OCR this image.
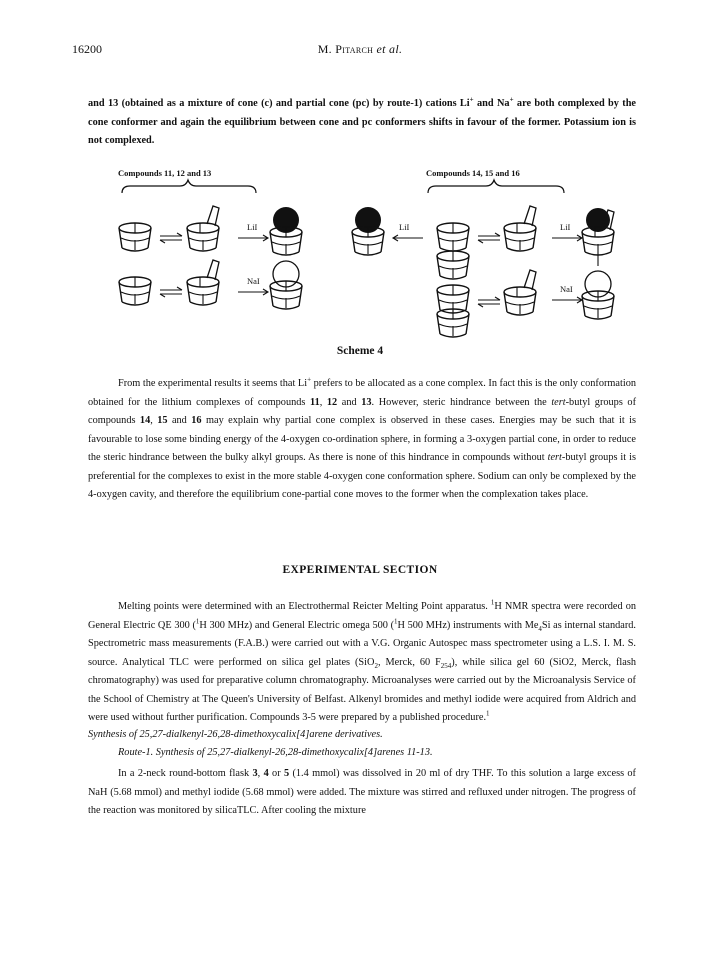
16200	M. Pitarch et al.

and 13 (obtained as a mixture of cone (c) and partial cone (pc) by route-1) cations Li+ and Na+ are both complexed by the cone conformer and again the equilibrium between cone and pc conformers shifts in favour of the former. Potassium ion is not complexed.

Compounds 11, 12 and 13	Compounds 14, 15 and 16
LiI
NaI
LiI	LiI
NaI
Scheme 4

From the experimental results it seems that Li+ prefers to be allocated as a cone complex. In fact this is the only conformation obtained for the lithium complexes of compounds 11, 12 and 13. However, steric hindrance between the tert-butyl groups of compounds 14, 15 and 16 may explain why partial cone complex is observed in these cases. Energies may be such that it is favourable to lose some binding energy of the 4-oxygen co-ordination sphere, in forming a 3-oxygen partial cone, in order to reduce the steric hindrance between the bulky alkyl groups. As there is none of this hindrance in compounds without tert-butyl groups it is preferential for the complexes to exist in the more stable 4-oxygen cone conformation sphere. Sodium can only be complexed by the 4-oxygen cavity, and therefore the equilibrium cone-partial cone moves to the former when the complexation takes place.

EXPERIMENTAL SECTION

Melting points were determined with an Electrothermal Reicter Melting Point apparatus. $^1$H NMR spectra were recorded on General Electric QE 300 ($^1$H 300 MHz) and General Electric omega 500 ($^1$H 500 MHz) instruments with $Me_4Si$ as internal standard. Spectrometric mass measurements (F.A.B.) were carried out with a V.G. Organic Autospec mass spectrometer using a L.S. I. M. S. source. Analytical TLC were performed on silica gel plates (SiO$_2$, Merck, 60 $F_{254}$), while silica gel 60 (SiO2, Merck, flash chromatography) was used for preparative column chromatography. Microanalyses were carried out by the Microanalysis Service of the School of Chemistry at The Queen's University of Belfast. Alkenyl bromides and methyl iodide were acquired from Aldrich and were used without further purification. Compounds 3-5 were prepared by a published procedure.$^1$

Synthesis of 25,27-dialkenyl-26,28-dimethoxycalix[4]arene derivatives.
Route-1. Synthesis of 25,27-dialkenyl-26,28-dimethoxycalix[4]arenes 11-13.

In a 2-neck round-bottom flask 3, 4 or 5 (1.4 mmol) was dissolved in 20 ml of dry THF. To this solution a large excess of NaH (5.68 mmol) and methyl iodide (5.68 mmol) were added. The mixture was stirred and refluxed under nitrogen. The progress of the reaction was monitored by silicaTLC. After cooling the mixture
